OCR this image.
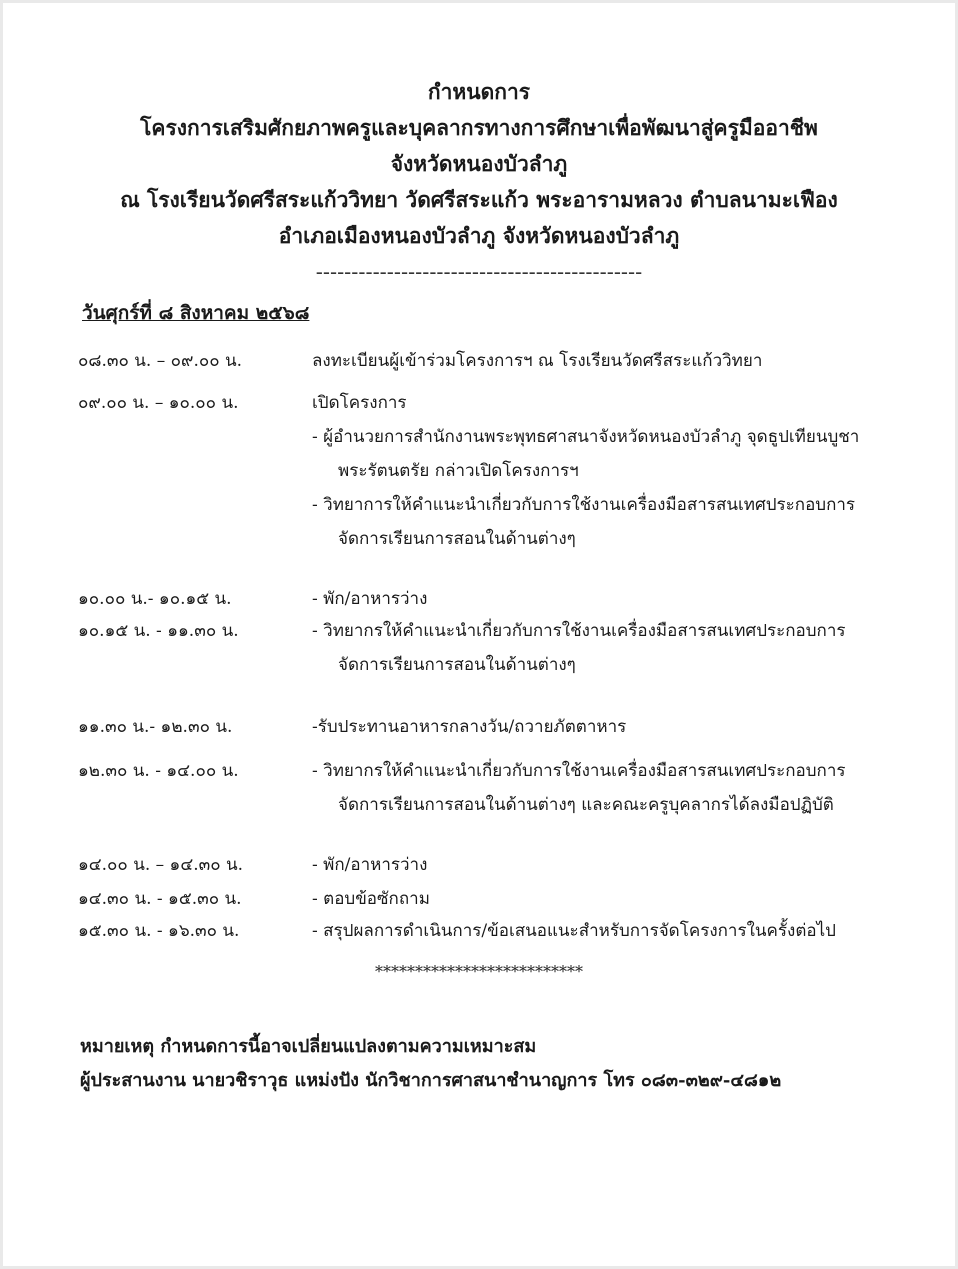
กำหนดการ
โครงการเสริมศักยภาพครูและบุคลากรทางการศึกษาเพื่อพัฒนาสู่ครูมืออาชีพ
จังหวัดหนองบัวลำภู
ณ โรงเรียนวัดศรีสระแก้ววิทยา วัดศรีสระแก้ว พระอารามหลวง ตำบลนามะเฟือง
อำเภอเมืองหนองบัวลำภู จังหวัดหนองบัวลำภู
----------------------------------------------
วันศุกร์ที่ ๘ สิงหาคม ๒๕๖๘
๐๘.๓๐ น. – ๐๙.๐๐ น.	ลงทะเบียนผู้เข้าร่วมโครงการฯ ณ โรงเรียนวัดศรีสระแก้ววิทยา
๐๙.๐๐ น. – ๑๐.๐๐ น.	เปิดโครงการ
- ผู้อำนวยการสำนักงานพระพุทธศาสนาจังหวัดหนองบัวลำภู จุดธูปเทียนบูชา
พระรัตนตรัย กล่าวเปิดโครงการฯ
- วิทยาการให้คำแนะนำเกี่ยวกับการใช้งานเครื่องมือสารสนเทศประกอบการ
จัดการเรียนการสอนในด้านต่างๆ
๑๐.๐๐ น.- ๑๐.๑๕ น.	- พัก/อาหารว่าง
๑๐.๑๕ น. - ๑๑.๓๐ น.	- วิทยากรให้คำแนะนำเกี่ยวกับการใช้งานเครื่องมือสารสนเทศประกอบการ
จัดการเรียนการสอนในด้านต่างๆ
๑๑.๓๐ น.- ๑๒.๓๐ น.	-รับประทานอาหารกลางวัน/ถวายภัตตาหาร
๑๒.๓๐ น. - ๑๔.๐๐ น.	- วิทยากรให้คำแนะนำเกี่ยวกับการใช้งานเครื่องมือสารสนเทศประกอบการ
จัดการเรียนการสอนในด้านต่างๆ และคณะครูบุคลากรได้ลงมือปฏิบัติ
๑๔.๐๐ น. – ๑๔.๓๐ น.	- พัก/อาหารว่าง
๑๔.๓๐ น. - ๑๕.๓๐ น.	- ตอบข้อซักถาม
๑๕.๓๐ น. - ๑๖.๓๐ น.	- สรุปผลการดำเนินการ/ข้อเสนอแนะสำหรับการจัดโครงการในครั้งต่อไป
**************************
หมายเหตุ กำหนดการนี้อาจเปลี่ยนแปลงตามความเหมาะสม
ผู้ประสานงาน นายวชิราวุธ แหม่งปัง นักวิชาการศาสนาชำนาญการ โทร ๐๘๓-๓๒๙-๔๘๑๒
